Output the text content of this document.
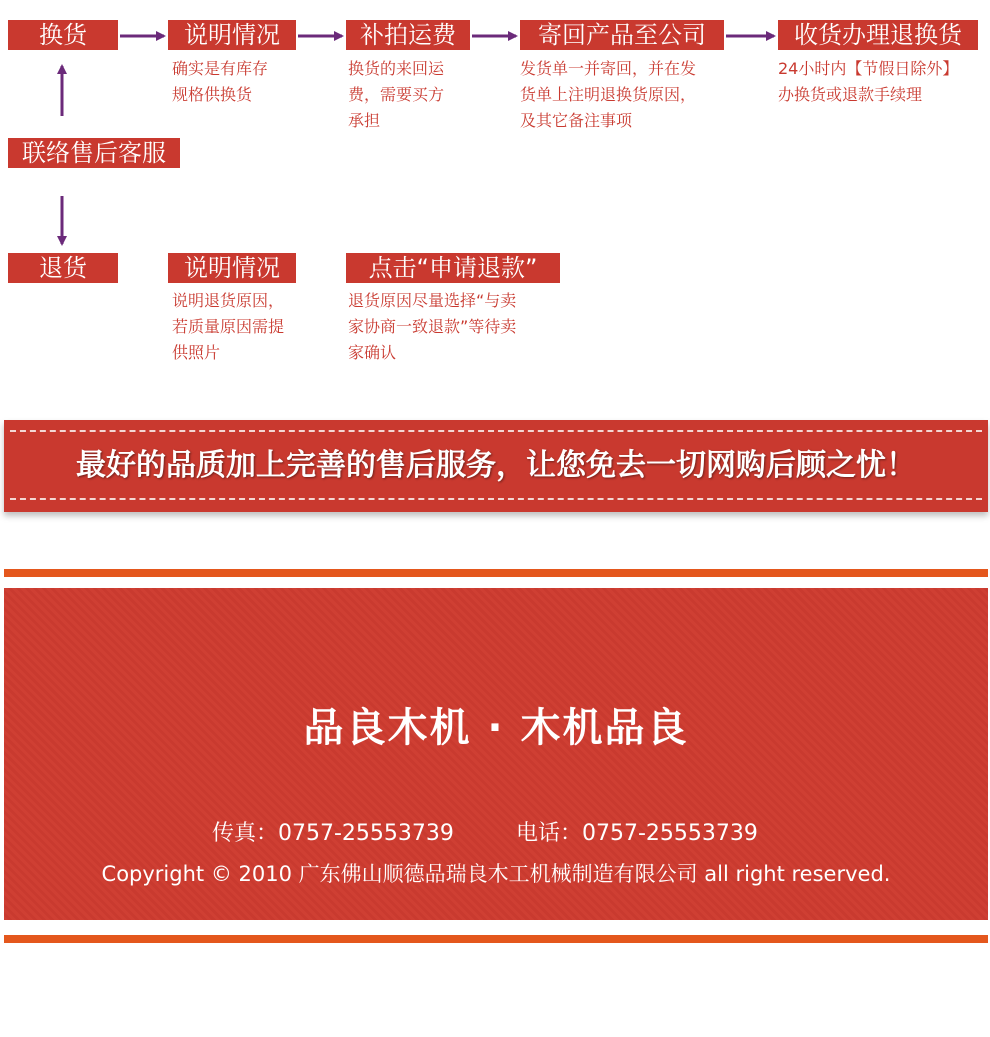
换货	说明情况	补拍运费	寄回产品至公司	收货办理退换货
确实是有库存
规格供换货
换货的来回运
费，需要买方
承担
发货单一并寄回，并在发
货单上注明退换货原因，
及其它备注事项
24小时内【节假日除外】
办换货或退款手续理
联络售后客服
退货	说明情况	点击“申请退款”
说明退货原因，
若质量原因需提
供照片
退货原因尽量选择“与卖
家协商一致退款”等待卖
家确认
最好的品质加上完善的售后服务，让您免去一切网购后顾之忧！
品良木机 · 木机品良
传真：0757-25553739	电话：0757-25553739
Copyright © 2010 广东佛山顺德品瑞良木工机械制造有限公司 all right reserved.
